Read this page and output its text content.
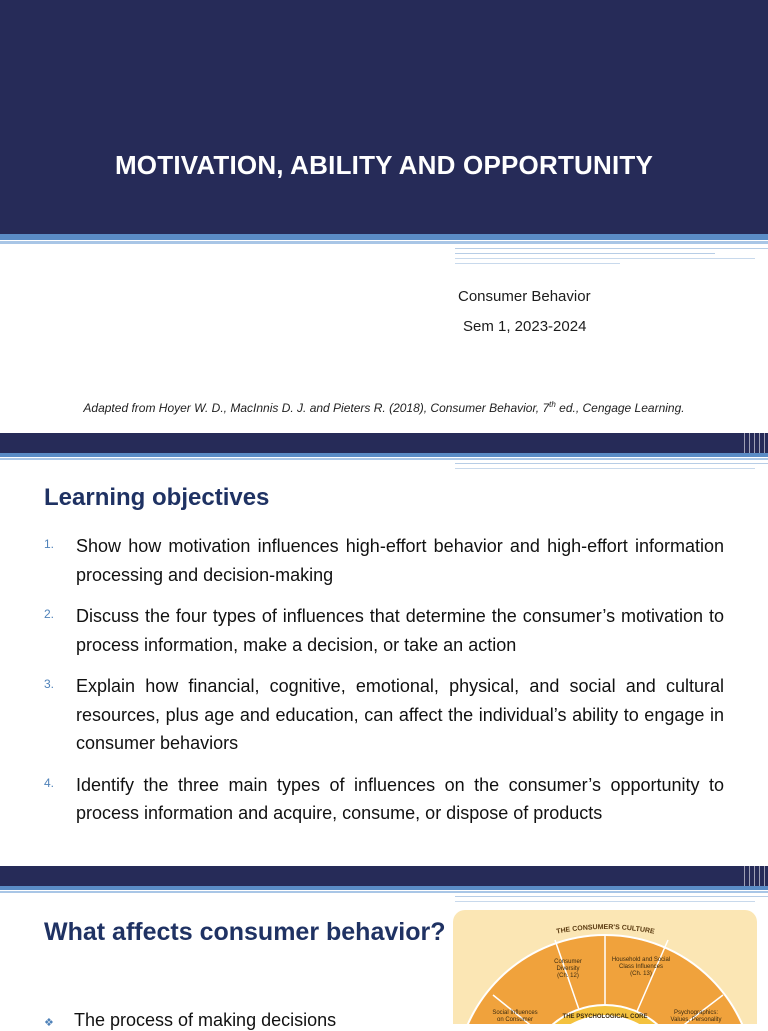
MOTIVATION, ABILITY AND OPPORTUNITY
Consumer Behavior
Sem 1, 2023-2024
Adapted from Hoyer W. D., MacInnis D. J. and Pieters R. (2018), Consumer Behavior, 7th ed., Cengage Learning.
Learning objectives
1.	Show how motivation influences high-effort behavior and high-effort information processing and decision-making
2.	Discuss the four types of influences that determine the consumer’s motivation to process information, make a decision, or take an action
3.	Explain how financial, cognitive, emotional, physical, and social and cultural resources, plus age and education, can affect the individual’s ability to engage in consumer behaviors
4.	Identify the three main types of influences on the consumer’s opportunity to process information and acquire, consume, or dispose of products
What affects consumer behavior?
❖ The process of making decisions
THE CONSUMER'S CULTURE
Consumer Diversity (Ch. 12)
Household and Social Class Influences (Ch. 13)
Social Influences on Consumer
Psychographics: Values, Personality
THE PSYCHOLOGICAL CORE
